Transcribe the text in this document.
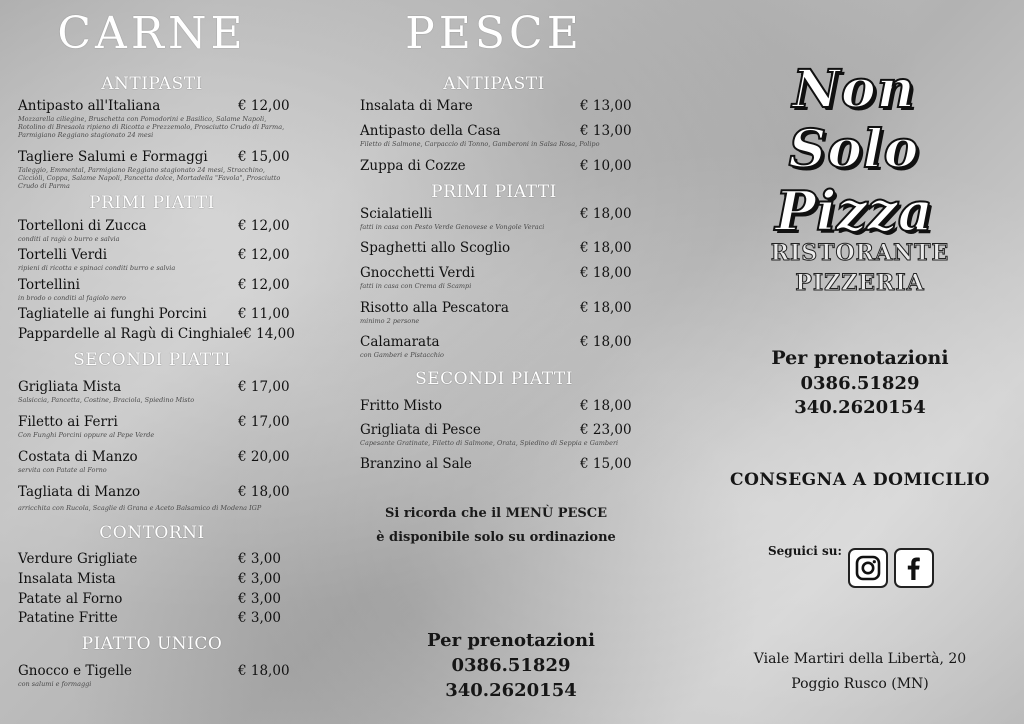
CARNE
ANTIPASTI
Antipasto all'Italiana	€ 12,00
Mozzarella ciliegine, Bruschetta con Pomodorini e Basilico, Salame Napoli, Rotolino di Bresaola ripieno di Ricotta e Prezzemolo, Prosciutto Crudo di Parma, Parmigiano Reggiano stagionato 24 mesi
Tagliere Salumi e Formaggi € 15,00
Taleggio, Emmental, Parmigiano Reggiano stagionato 24 mesi, Stracchino, Cicciòli, Coppa, Salame Napoli, Pancetta dolce, Mortadella "Favola", Prosciutto Crudo di Parma
PRIMI PIATTI
Tortelloni di Zucca	€ 12,00
conditi al ragù o burro e salvia
Tortelli Verdi	€ 12,00
ripieni di ricotta e spinaci conditi burro e salvia
Tortellini	€ 12,00
in brodo o conditi al fagiolo nero
Tagliatelle ai funghi Porcini € 11,00
Pappardelle al Ragù di Cinghiale € 14,00
SECONDI PIATTI
Grigliata Mista	€ 17,00
Salsiccia, Pancetta, Costine, Braciola, Spiedino Misto
Filetto ai Ferri	€ 17,00
Con Funghi Porcini oppure al Pepe Verde
Costata di Manzo	€ 20,00
servita con Patate al Forno
Tagliata di Manzo	€ 18,00
arricchita con Rucola, Scaglie di Grana e Aceto Balsamico di Modena IGP
CONTORNI
Verdure Grigliate	€ 3,00
Insalata Mista	€ 3,00
Patate al Forno	€ 3,00
Patatine Fritte	€ 3,00
PIATTO UNICO
Gnocco e Tigelle	€ 18,00
con salumi e formaggi
PESCE
ANTIPASTI
Insalata di Mare	€ 13,00
Antipasto della Casa	€ 13,00
Filetto di Salmone, Carpaccio di Tonno, Gamberoni in Salsa Rosa, Polipo
Zuppa di Cozze	€ 10,00
PRIMI PIATTI
Scialatielli	€ 18,00
fatti in casa con Pesto Verde Genovese e Vongole Veraci
Spaghetti allo Scoglio	€ 18,00
Gnocchetti Verdi	€ 18,00
fatti in casa con Crema di Scampi
Risotto alla Pescatora	€ 18,00
minimo 2 persone
Calamarata	€ 18,00
con Gamberi e Pistacchio
SECONDI PIATTI
Fritto Misto	€ 18,00
Grigliata di Pesce	€ 23,00
Capesante Gratinate, Filetto di Salmone, Orata, Spiedino di Seppia e Gamberi
Branzino al Sale	€ 15,00
Si ricorda che il MENÙ PESCE
è disponibile solo su ordinazione
Per prenotazioni
0386.51829
340.2620154
Non Solo
Pizza
RISTORANTE
PIZZERIA
Per prenotazioni
0386.51829
340.2620154
CONSEGNA A DOMICILIO
Seguici su:
Viale Martiri della Libertà, 20
Poggio Rusco (MN)
